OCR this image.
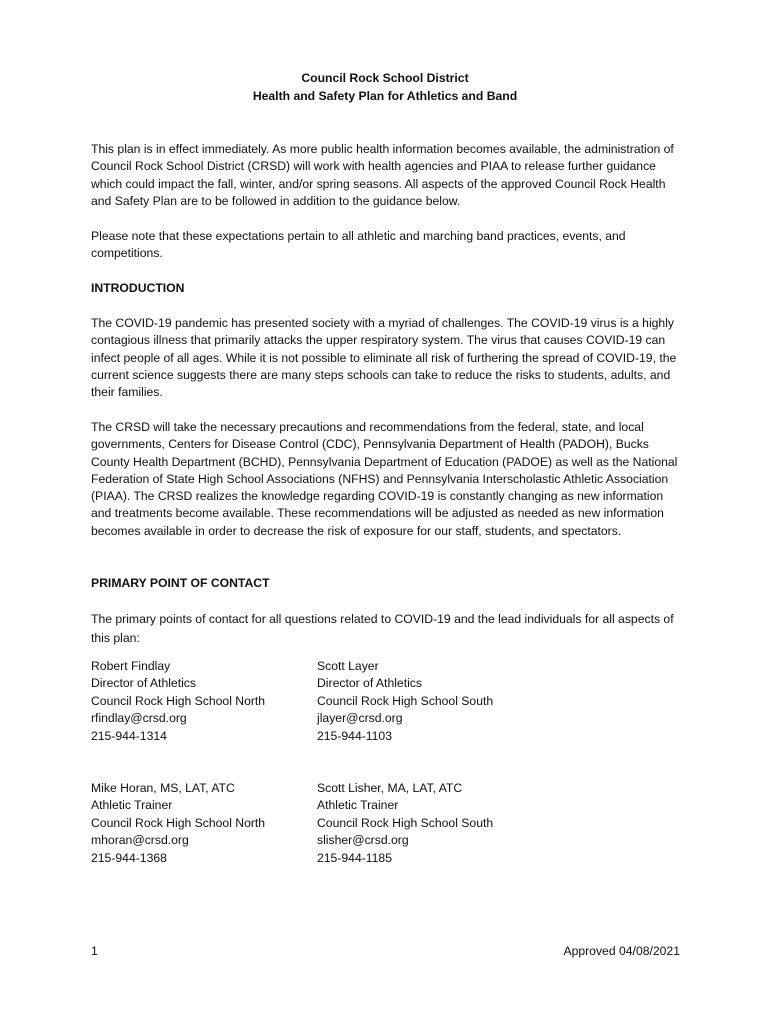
Council Rock School District
Health and Safety Plan for Athletics and Band

This plan is in effect immediately. As more public health information becomes available, the administration of Council Rock School District (CRSD) will work with health agencies and PIAA to release further guidance which could impact the fall, winter, and/or spring seasons. All aspects of the approved Council Rock Health and Safety Plan are to be followed in addition to the guidance below.

Please note that these expectations pertain to all athletic and marching band practices, events, and competitions.

INTRODUCTION

The COVID-19 pandemic has presented society with a myriad of challenges. The COVID-19 virus is a highly contagious illness that primarily attacks the upper respiratory system. The virus that causes COVID-19 can infect people of all ages. While it is not possible to eliminate all risk of furthering the spread of COVID-19, the current science suggests there are many steps schools can take to reduce the risks to students, adults, and their families.

The CRSD will take the necessary precautions and recommendations from the federal, state, and local governments, Centers for Disease Control (CDC), Pennsylvania Department of Health (PADOH), Bucks County Health Department (BCHD), Pennsylvania Department of Education (PADOE) as well as the National Federation of State High School Associations (NFHS) and Pennsylvania Interscholastic Athletic Association (PIAA). The CRSD realizes the knowledge regarding COVID-19 is constantly changing as new information and treatments become available. These recommendations will be adjusted as needed as new information becomes available in order to decrease the risk of exposure for our staff, students, and spectators.

PRIMARY POINT OF CONTACT

The primary points of contact for all questions related to COVID-19 and the lead individuals for all aspects of this plan:

Robert Findlay
Director of Athletics
Council Rock High School North
rfindlay@crsd.org
215-944-1314
Scott Layer
Director of Athletics
Council Rock High School South
jlayer@crsd.org
215-944-1103
Mike Horan, MS, LAT, ATC
Athletic Trainer
Council Rock High School North
mhoran@crsd.org
215-944-1368
Scott Lisher, MA, LAT, ATC
Athletic Trainer
Council Rock High School South
slisher@crsd.org
215-944-1185
1	Approved 04/08/2021
